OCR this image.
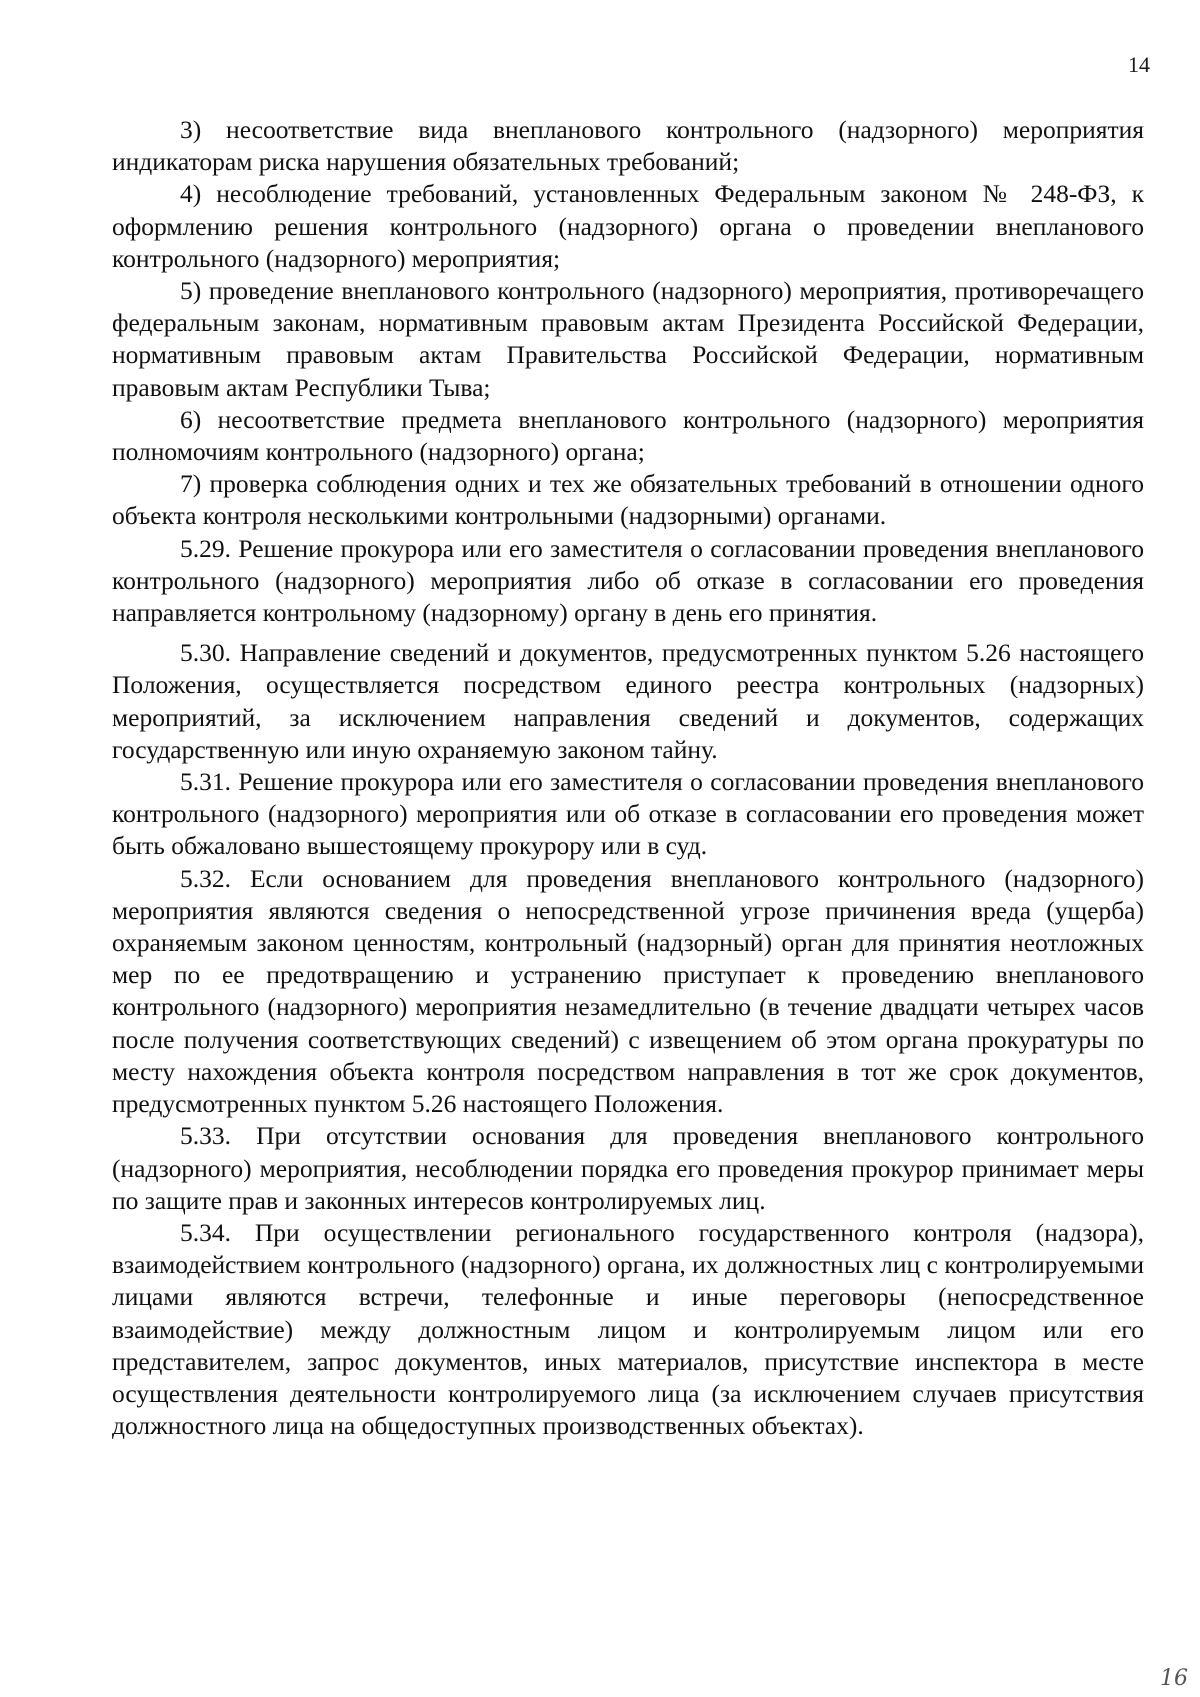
14

3) несоответствие вида внепланового контрольного (надзорного) мероприятия индикаторам риска нарушения обязательных требований;

4) несоблюдение требований, установленных Федеральным законом № 248-ФЗ, к оформлению решения контрольного (надзорного) органа о проведении внепланового контрольного (надзорного) мероприятия;

5) проведение внепланового контрольного (надзорного) мероприятия, противоречащего федеральным законам, нормативным правовым актам Президента Российской Федерации, нормативным правовым актам Правительства Российской Федерации, нормативным правовым актам Республики Тыва;

6) несоответствие предмета внепланового контрольного (надзорного) мероприятия полномочиям контрольного (надзорного) органа;

7) проверка соблюдения одних и тех же обязательных требований в отношении одного объекта контроля несколькими контрольными (надзорными) органами.

5.29. Решение прокурора или его заместителя о согласовании проведения внепланового контрольного (надзорного) мероприятия либо об отказе в согласовании его проведения направляется контрольному (надзорному) органу в день его принятия.

5.30. Направление сведений и документов, предусмотренных пунктом 5.26 настоящего Положения, осуществляется посредством единого реестра контрольных (надзорных) мероприятий, за исключением направления сведений и документов, содержащих государственную или иную охраняемую законом тайну.

5.31. Решение прокурора или его заместителя о согласовании проведения внепланового контрольного (надзорного) мероприятия или об отказе в согласовании его проведения может быть обжаловано вышестоящему прокурору или в суд.

5.32. Если основанием для проведения внепланового контрольного (надзорного) мероприятия являются сведения о непосредственной угрозе причинения вреда (ущерба) охраняемым законом ценностям, контрольный (надзорный) орган для принятия неотложных мер по ее предотвращению и устранению приступает к проведению внепланового контрольного (надзорного) мероприятия незамедлительно (в течение двадцати четырех часов после получения соответствующих сведений) с извещением об этом органа прокуратуры по месту нахождения объекта контроля посредством направления в тот же срок документов, предусмотренных пунктом 5.26 настоящего Положения.

5.33. При отсутствии основания для проведения внепланового контрольного (надзорного) мероприятия, несоблюдении порядка его проведения прокурор принимает меры по защите прав и законных интересов контролируемых лиц.

5.34. При осуществлении регионального государственного контроля (надзора), взаимодействием контрольного (надзорного) органа, их должностных лиц с контролируемыми лицами являются встречи, телефонные и иные переговоры (непосредственное взаимодействие) между должностным лицом и контролируемым лицом или его представителем, запрос документов, иных материалов, присутствие инспектора в месте осуществления деятельности контролируемого лица (за исключением случаев присутствия должностного лица на общедоступных производственных объектах).

16
